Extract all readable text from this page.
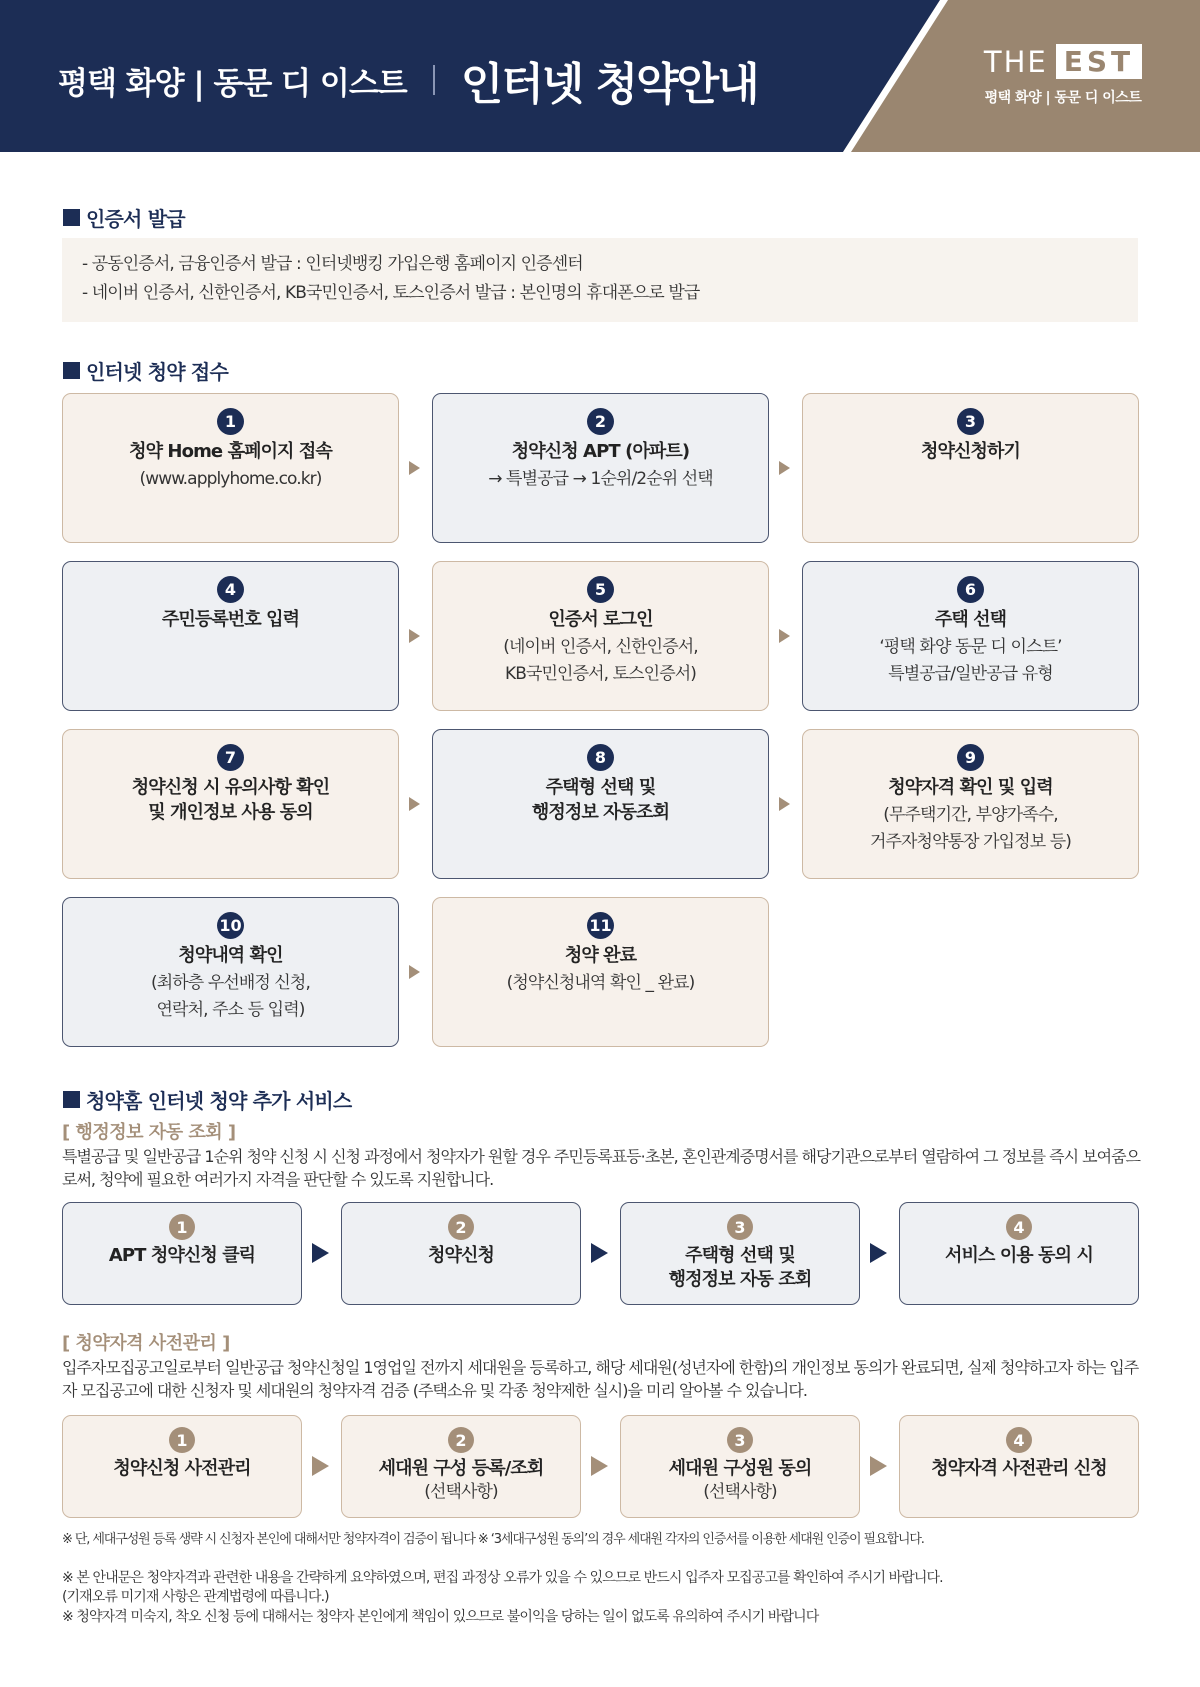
평택 화양 | 동문 디 이스트 인터넷 청약안내	THE EST
평택 화양 | 동문 디 이스트
인증서 발급
- 공동인증서, 금융인증서 발급 : 인터넷뱅킹 가입은행 홈페이지 인증센터
- 네이버 인증서, 신한인증서, KB국민인증서, 토스인증서 발급 : 본인명의 휴대폰으로 발급
인터넷 청약 접수
1
청약 Home 홈페이지 접속
(www.applyhome.co.kr)
2
청약신청 APT (아파트)
→ 특별공급 → 1순위/2순위 선택
3
청약신청하기
4
주민등록번호 입력
5
인증서 로그인
(네이버 인증서, 신한인증서,
KB국민인증서, 토스인증서)
6
주택 선택
‘평택 화양 동문 디 이스트’
특별공급/일반공급 유형
7
청약신청 시 유의사항 확인
및 개인정보 사용 동의
8
주택형 선택 및
행정정보 자동조회
9
청약자격 확인 및 입력
(무주택기간, 부양가족수,
거주자청약통장 가입정보 등)
10
청약내역 확인
(최하층 우선배정 신청,
연락처, 주소 등 입력)
11
청약 완료
(청약신청내역 확인 _ 완료)
청약홈 인터넷 청약 추가 서비스
[ 행정정보 자동 조회 ]
특별공급 및 일반공급 1순위 청약 신청 시 신청 과정에서 청약자가 원할 경우 주민등록표등·초본, 혼인관계증명서를 해당기관으로부터 열람하여 그 정보를 즉시 보여줌으로써, 청약에 필요한 여러가지 자격을 판단할 수 있도록 지원합니다.
1
APT 청약신청 클릭
2
청약신청
3
주택형 선택 및
행정정보 자동 조회
4
서비스 이용 동의 시
[ 청약자격 사전관리 ]
입주자모집공고일로부터 일반공급 청약신청일 1영업일 전까지 세대원을 등록하고, 해당 세대원(성년자에 한함)의 개인정보 동의가 완료되면, 실제 청약하고자 하는 입주자 모집공고에 대한 신청자 및 세대원의 청약자격 검증 (주택소유 및 각종 청약제한 실시)을 미리 알아볼 수 있습니다.
1
청약신청 사전관리
2
세대원 구성 등록/조회
(선택사항)
3
세대원 구성원 동의
(선택사항)
4
청약자격 사전관리 신청
※ 단, 세대구성원 등록 생략 시 신청자 본인에 대해서만 청약자격이 검증이 됩니다 ※ ‘3세대구성원 동의’의 경우 세대원 각자의 인증서를 이용한 세대원 인증이 필요합니다.
※ 본 안내문은 청약자격과 관련한 내용을 간략하게 요약하였으며, 편집 과정상 오류가 있을 수 있으므로 반드시 입주자 모집공고를 확인하여 주시기 바랍니다.
(기재오류 미기재 사항은 관계법령에 따릅니다.)
※ 청약자격 미숙지, 착오 신청 등에 대해서는 청약자 본인에게 책임이 있으므로 불이익을 당하는 일이 없도록 유의하여 주시기 바랍니다
